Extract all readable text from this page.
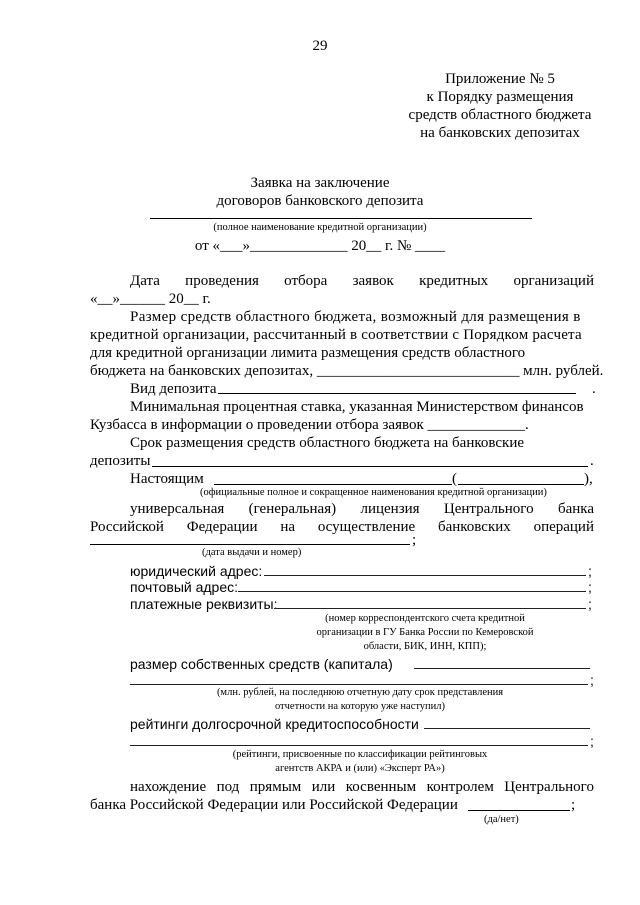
29
Приложение № 5
к Порядку размещения
средств областного бюджета
на банковских депозитах
Заявка на заключение
договоров банковского депозита
(полное наименование кредитной организации)
от «___»_____________ 20__ г. № ____
Дата проведения отбора заявок кредитных организаций
«__»______ 20__ г.
Размер средств областного бюджета, возможный для размещения в
кредитной организации, рассчитанный в соответствии с Порядком расчета
для кредитной организации лимита размещения средств областного
бюджета на банковских депозитах, ___________________________ млн. рублей.
Вид депозита	.
Минимальная процентная ставка, указанная Министерством финансов
Кузбасса в информации о проведении отбора заявок _____________.
Срок размещения средств областного бюджета на банковские
депозиты	.
Настоящим	(	),
(официальные полное и сокращенное наименования кредитной организации)
универсальная (генеральная) лицензия Центрального банка
Российской Федерации на осуществление банковских операций
;
(дата выдачи и номер)
юридический адрес:	;
почтовый адрес:	;
платежные реквизиты:	;
(номер корреспондентского счета кредитной
организации в ГУ Банка России по Кемеровской
области, БИК, ИНН, КПП);
размер собственных средств (капитала)
;
(млн. рублей, на последнюю отчетную дату срок представления
отчетности на которую уже наступил)
рейтинги долгосрочной кредитоспособности
;
(рейтинги, присвоенные по классификации рейтинговых
агентств АКРА и (или) «Эксперт РА»)
нахождение под прямым или косвенным контролем Центрального
банка Российской Федерации или Российской Федерации	;
(да/нет)
